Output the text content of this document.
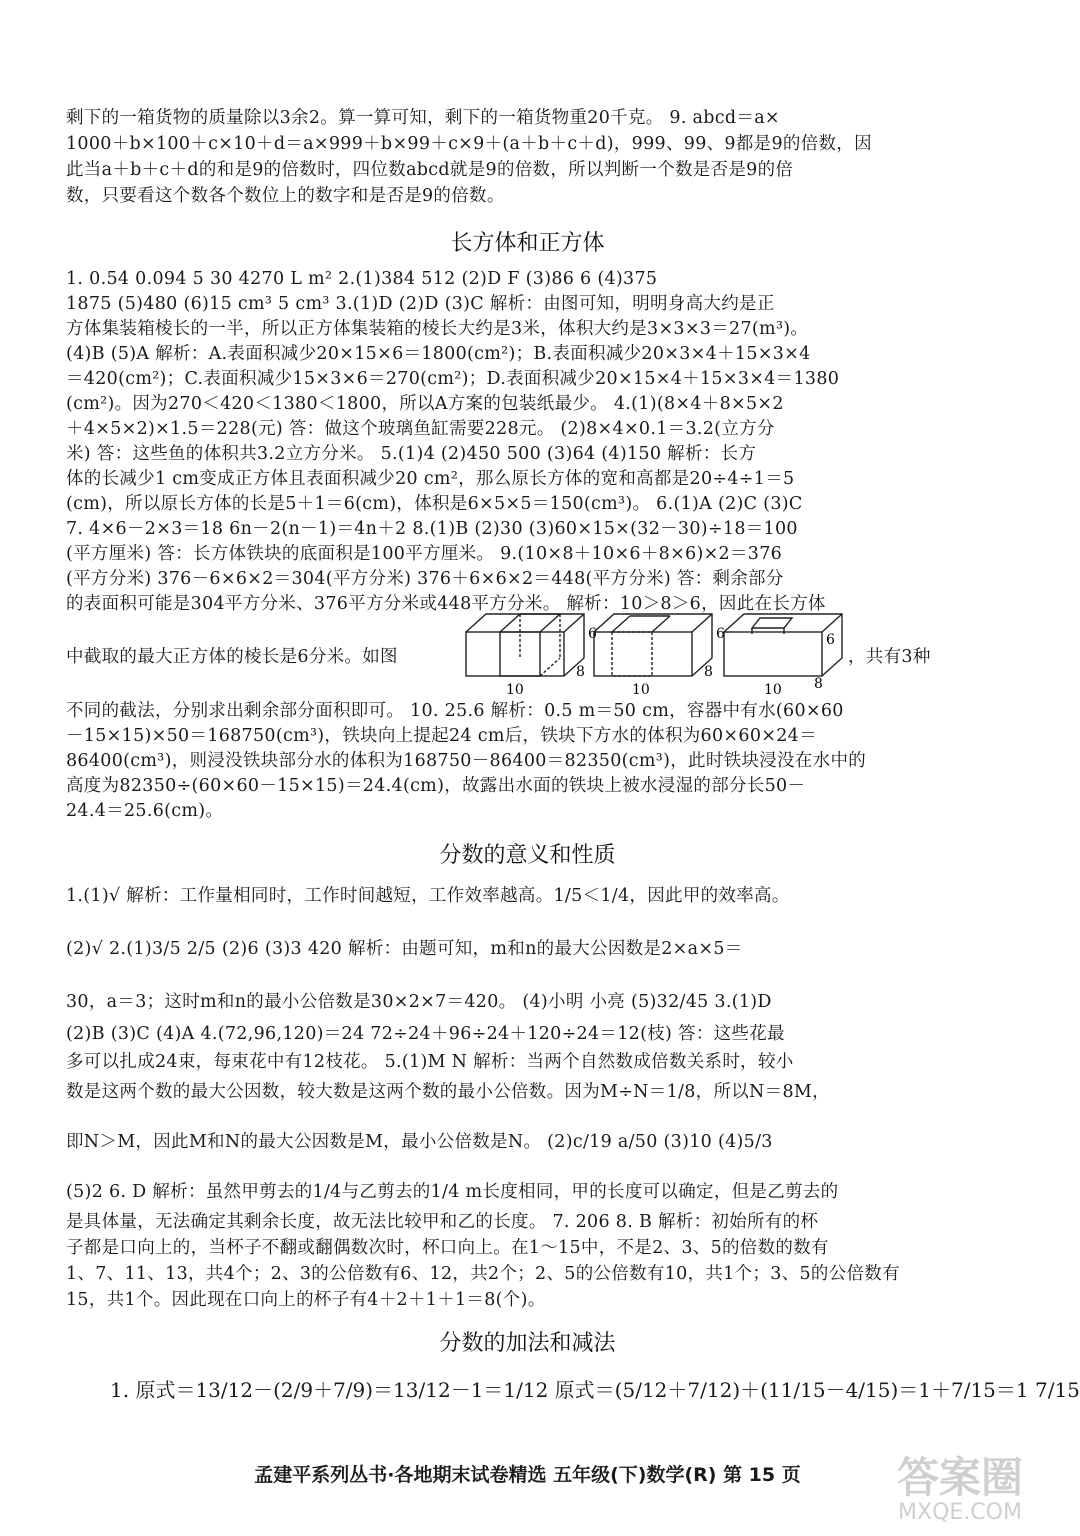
剩下的一箱货物的质量除以3余2。算一算可知，剩下的一箱货物重20千克。 9. abcd＝a×
1000＋b×100＋c×10＋d＝a×999＋b×99＋c×9＋(a＋b＋c＋d)，999、99、9都是9的倍数，因
此当a＋b＋c＋d的和是9的倍数时，四位数abcd就是9的倍数，所以判断一个数是否是9的倍
数，只要看这个数各个数位上的数字和是否是9的倍数。
长方体和正方体
1. 0.54 0.094 5 30 4270 L m² 2.(1)384 512 (2)D F (3)86 6 (4)375
1875 (5)480 (6)15 cm³ 5 cm³ 3.(1)D (2)D (3)C 解析：由图可知，明明身高大约是正
方体集装箱棱长的一半，所以正方体集装箱的棱长大约是3米，体积大约是3×3×3＝27(m³)。
(4)B (5)A 解析：A.表面积减少20×15×6＝1800(cm²)；B.表面积减少20×3×4＋15×3×4
＝420(cm²)；C.表面积减少15×3×6＝270(cm²)；D.表面积减少20×15×4＋15×3×4＝1380
(cm²)。因为270＜420＜1380＜1800，所以A方案的包装纸最少。 4.(1)(8×4＋8×5×2
＋4×5×2)×1.5＝228(元) 答：做这个玻璃鱼缸需要228元。 (2)8×4×0.1＝3.2(立方分
米) 答：这些鱼的体积共3.2立方分米。 5.(1)4 (2)450 500 (3)64 (4)150 解析：长方
体的长减少1 cm变成正方体且表面积减少20 cm²，那么原长方体的宽和高都是20÷4÷1＝5
(cm)，所以原长方体的长是5＋1＝6(cm)，体积是6×5×5＝150(cm³)。 6.(1)A (2)C (3)C
7. 4×6－2×3＝18 6n－2(n－1)＝4n＋2 8.(1)B (2)30 (3)60×15×(32－30)÷18＝100
(平方厘米) 答：长方体铁块的底面积是100平方厘米。 9.(10×8＋10×6＋8×6)×2＝376
(平方分米) 376－6×6×2＝304(平方分米) 376＋6×6×2＝448(平方分米) 答：剩余部分
的表面积可能是304平方分米、376平方分米或448平方分米。 解析：10＞8＞6，因此在长方体
中截取的最大正方体的棱长是6分米。如图	，共有3种
6
8
10
6
8
10
6
8
10
不同的截法，分别求出剩余部分面积即可。 10. 25.6 解析：0.5 m＝50 cm，容器中有水(60×60
－15×15)×50＝168750(cm³)，铁块向上提起24 cm后，铁块下方水的体积为60×60×24＝
86400(cm³)，则浸没铁块部分水的体积为168750－86400＝82350(cm³)，此时铁块浸没在水中的
高度为82350÷(60×60－15×15)＝24.4(cm)，故露出水面的铁块上被水浸湿的部分长50－
24.4＝25.6(cm)。
分数的意义和性质
1.(1)√ 解析：工作量相同时，工作时间越短，工作效率越高。1/5＜1/4，因此甲的效率高。
(2)√ 2.(1)3/5 2/5 (2)6 (3)3 420 解析：由题可知，m和n的最大公因数是2×a×5＝
30，a＝3；这时m和n的最小公倍数是30×2×7＝420。 (4)小明 小亮 (5)32/45 3.(1)D
(2)B (3)C (4)A 4.(72,96,120)＝24 72÷24＋96÷24＋120÷24＝12(枝) 答：这些花最
多可以扎成24束，每束花中有12枝花。 5.(1)M N 解析：当两个自然数成倍数关系时，较小
数是这两个数的最大公因数，较大数是这两个数的最小公倍数。因为M÷N＝1/8，所以N＝8M，
即N＞M，因此M和N的最大公因数是M，最小公倍数是N。 (2)c/19 a/50 (3)10 (4)5/3
(5)2 6. D 解析：虽然甲剪去的1/4与乙剪去的1/4 m长度相同，甲的长度可以确定，但是乙剪去的
是具体量，无法确定其剩余长度，故无法比较甲和乙的长度。 7. 206 8. B 解析：初始所有的杯
子都是口向上的，当杯子不翻或翻偶数次时，杯口向上。在1～15中，不是2、3、5的倍数的数有
1、7、11、13，共4个；2、3的公倍数有6、12，共2个；2、5的公倍数有10，共1个；3、5的公倍数有
15，共1个。因此现在口向上的杯子有4＋2＋1＋1＝8(个)。
分数的加法和减法
1. 原式＝13/12－(2/9＋7/9)＝13/12－1＝1/12 原式＝(5/12＋7/12)＋(11/15－4/15)＝1＋7/15＝1 7/15
孟建平系列丛书·各地期末试卷精选 五年级(下)数学(R) 第 15 页	答案圈
MXQE.COM
